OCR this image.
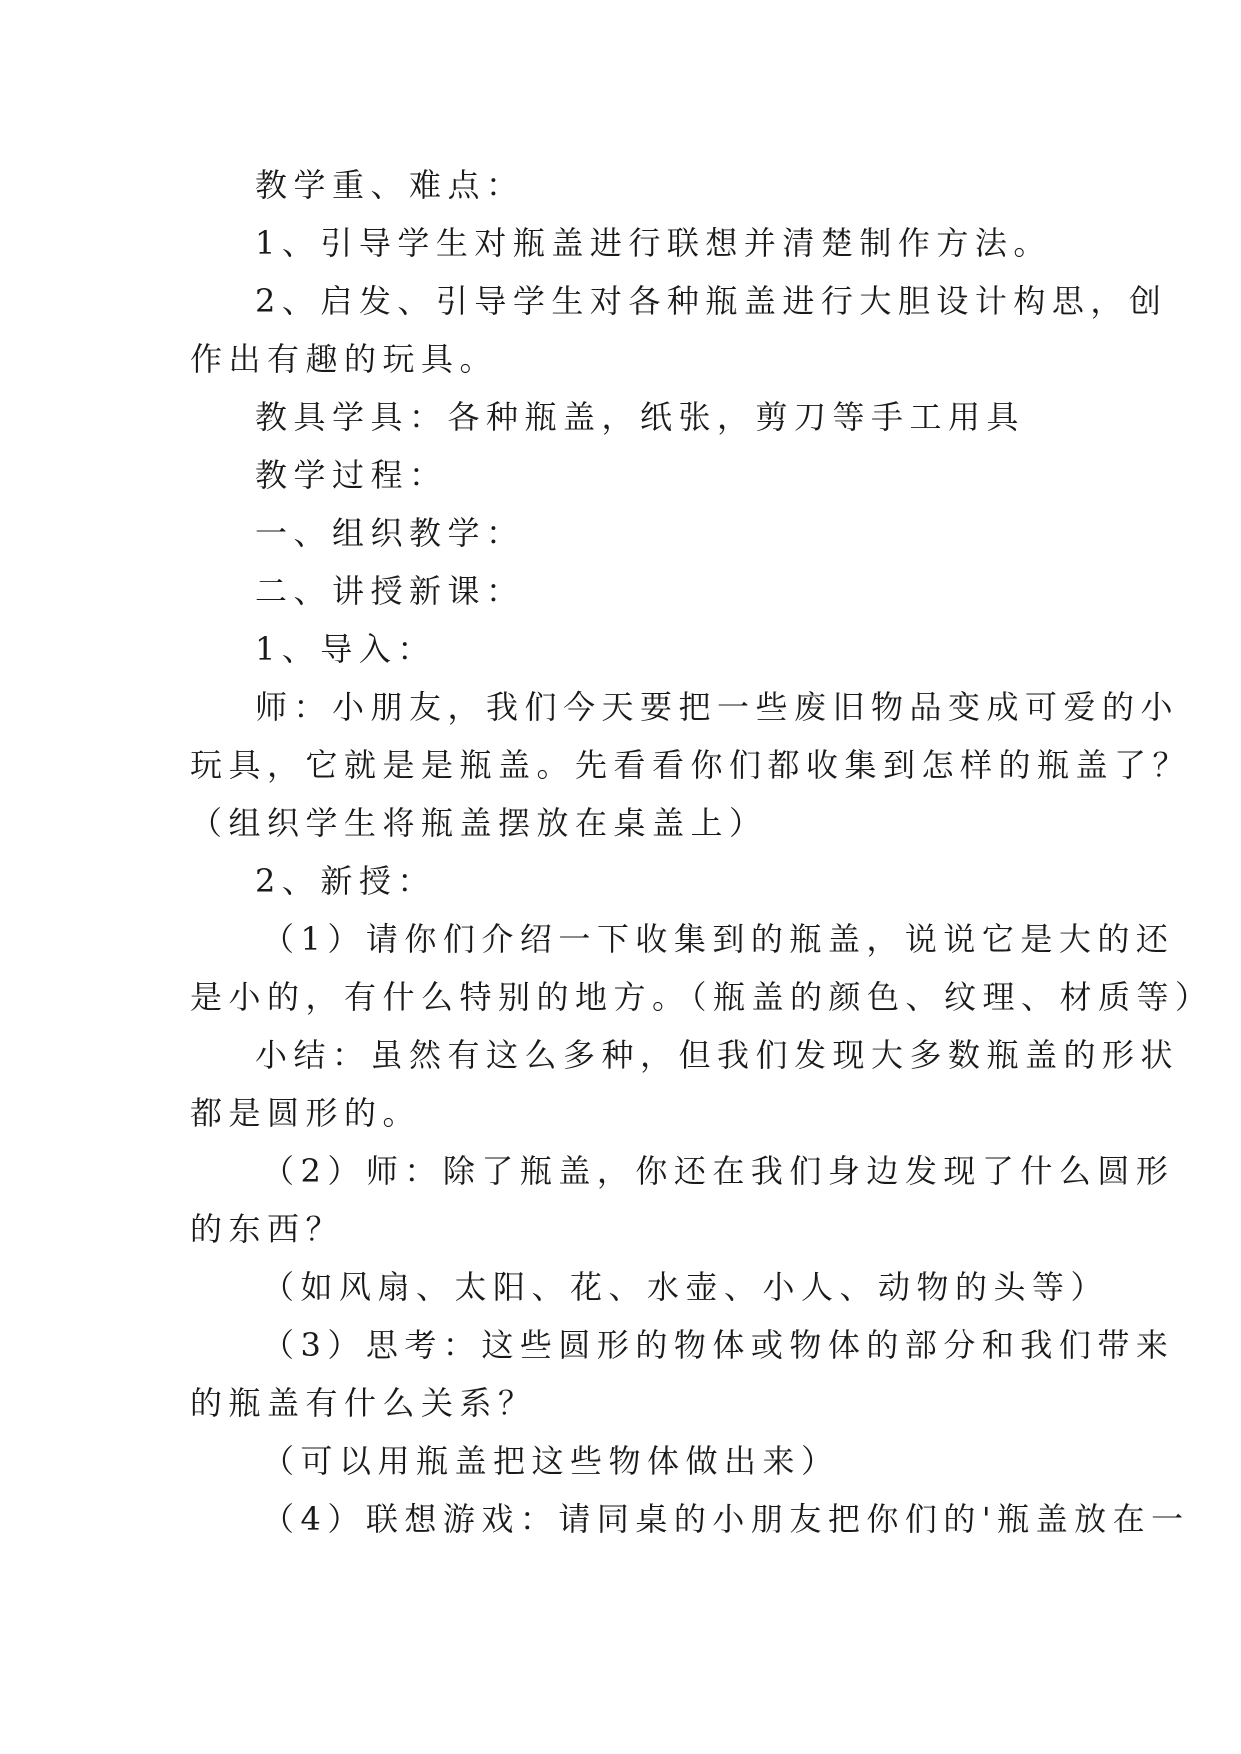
教学重、难点：
1、引导学生对瓶盖进行联想并清楚制作方法。
2、启发、引导学生对各种瓶盖进行大胆设计构思，创
作出有趣的玩具。
教具学具：各种瓶盖，纸张，剪刀等手工用具
教学过程：
一、组织教学：
二、讲授新课：
1、导入：
师：小朋友，我们今天要把一些废旧物品变成可爱的小
玩具，它就是是瓶盖。先看看你们都收集到怎样的瓶盖了？
（组织学生将瓶盖摆放在桌盖上）
2、新授：
（1）请你们介绍一下收集到的瓶盖，说说它是大的还
是小的，有什么特别的地方。（瓶盖的颜色、纹理、材质等）
小结：虽然有这么多种，但我们发现大多数瓶盖的形状
都是圆形的。
（2）师：除了瓶盖，你还在我们身边发现了什么圆形
的东西？
（如风扇、太阳、花、水壶、小人、动物的头等）
（3）思考：这些圆形的物体或物体的部分和我们带来
的瓶盖有什么关系？
（可以用瓶盖把这些物体做出来）
（4）联想游戏：请同桌的小朋友把你们的'瓶盖放在一
